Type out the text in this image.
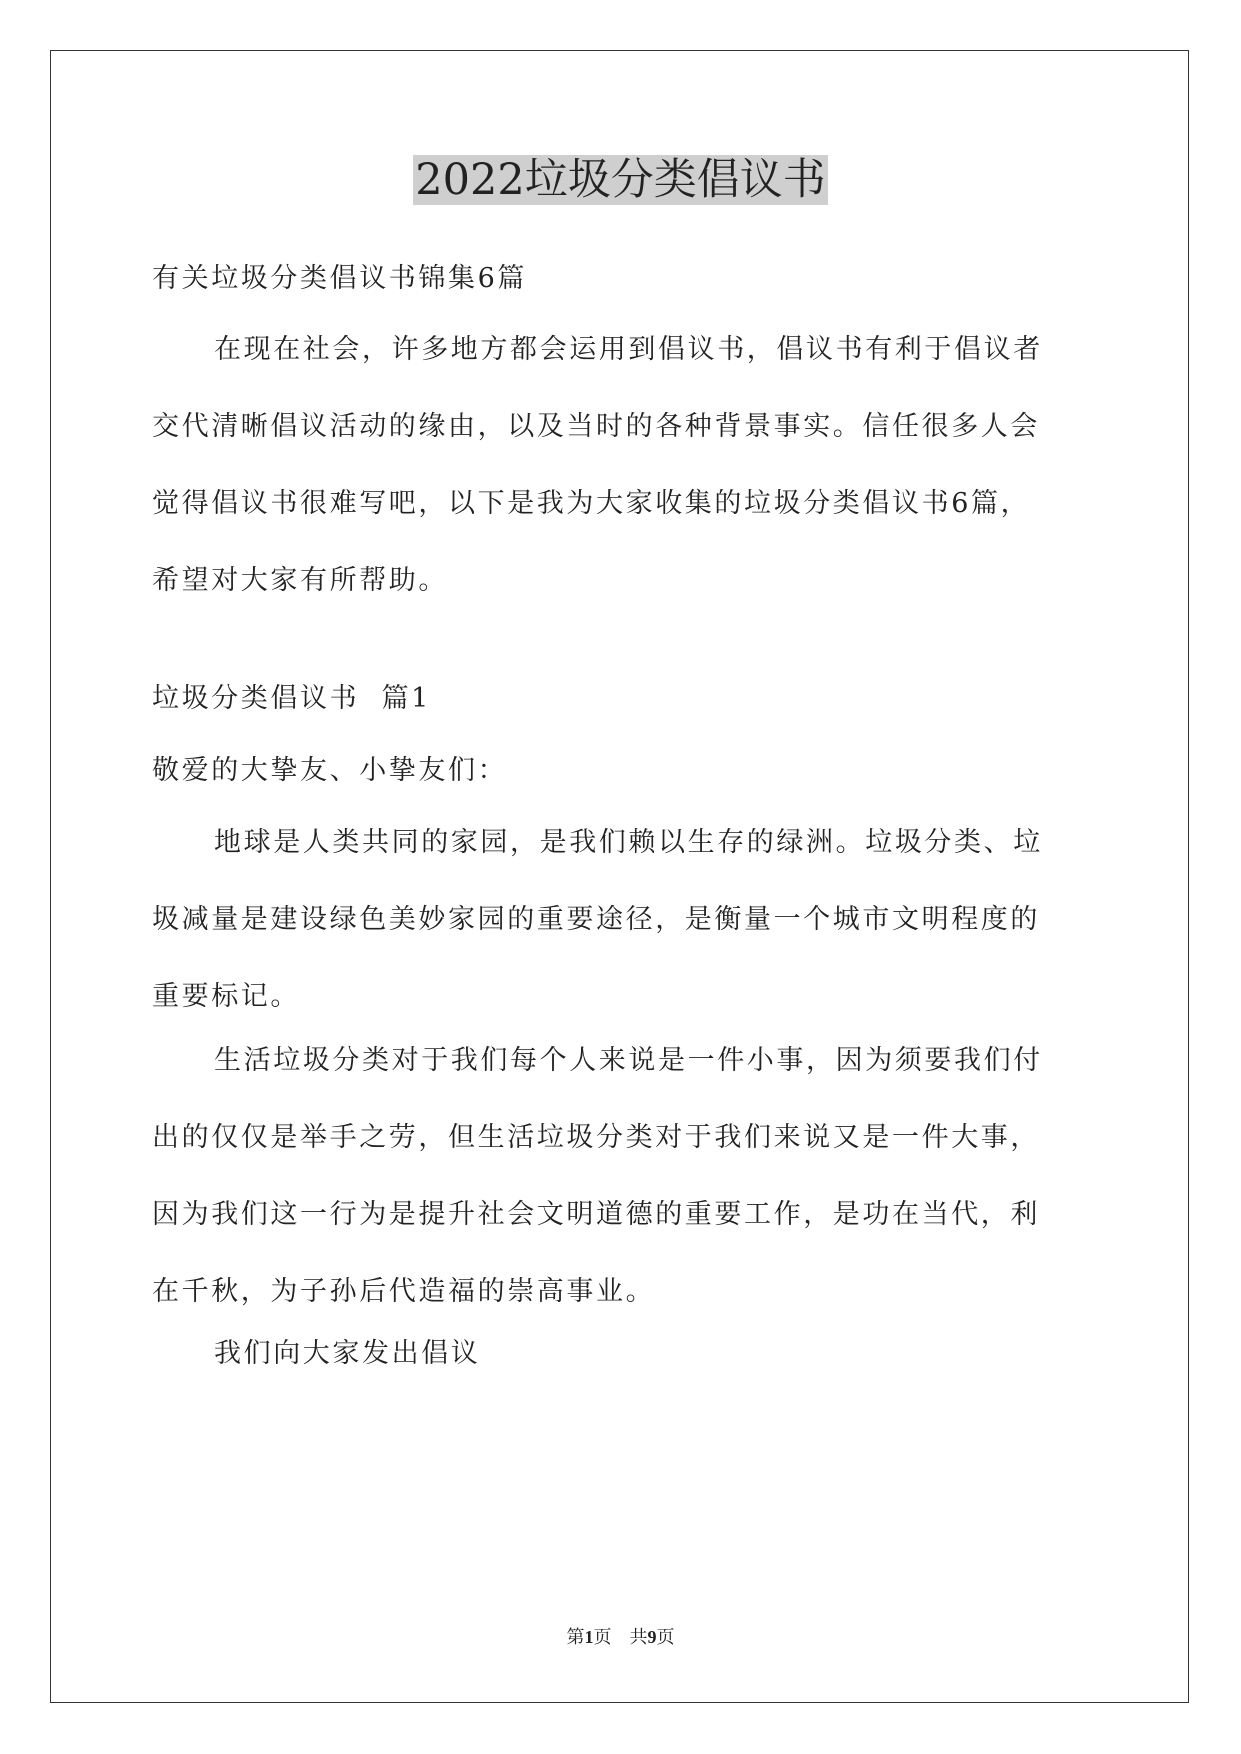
2022垃圾分类倡议书

有关垃圾分类倡议书锦集6篇

在现在社会，许多地方都会运用到倡议书，倡议书有利于倡议者
交代清晰倡议活动的缘由，以及当时的各种背景事实。信任很多人会
觉得倡议书很难写吧，以下是我为大家收集的垃圾分类倡议书6篇，
希望对大家有所帮助。

垃圾分类倡议书  篇1

敬爱的大挚友、小挚友们：

地球是人类共同的家园，是我们赖以生存的绿洲。垃圾分类、垃
圾减量是建设绿色美妙家园的重要途径，是衡量一个城市文明程度的
重要标记。
生活垃圾分类对于我们每个人来说是一件小事，因为须要我们付
出的仅仅是举手之劳，但生活垃圾分类对于我们来说又是一件大事，
因为我们这一行为是提升社会文明道德的重要工作，是功在当代，利
在千秋，为子孙后代造福的崇高事业。

我们向大家发出倡议

第1页 共9页
